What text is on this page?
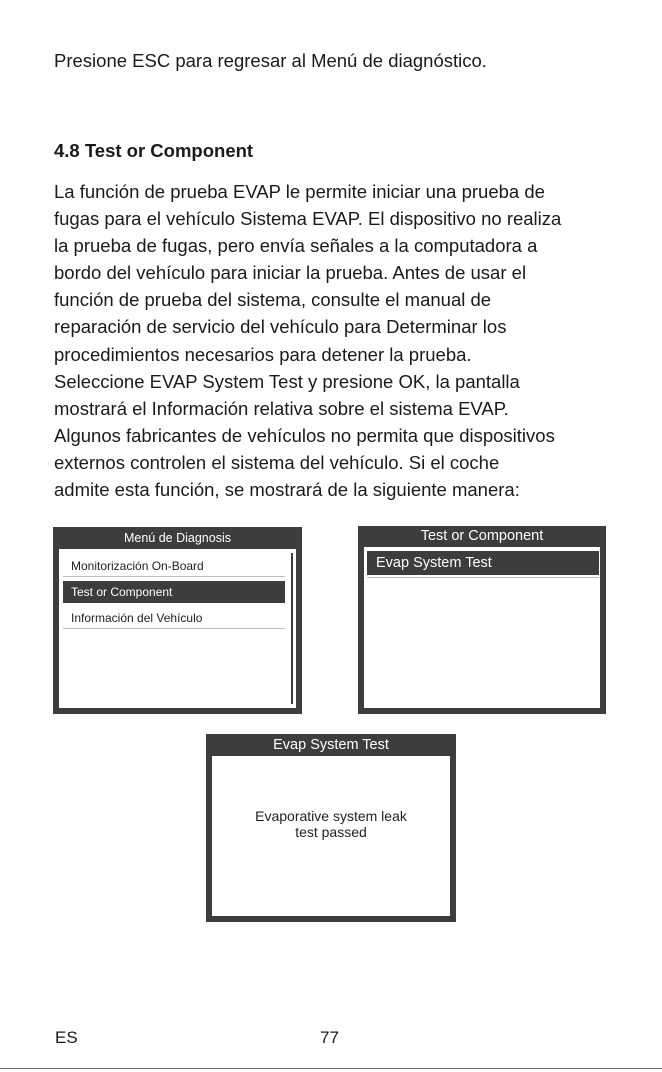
Presione ESC para regresar al Menú de diagnóstico.

4.8 Test or Component
La función de prueba EVAP le permite iniciar una prueba de
fugas para el vehículo Sistema EVAP. El dispositivo no realiza
la prueba de fugas, pero envía señales a la computadora a
bordo del vehículo para iniciar la prueba. Antes de usar el
función de prueba del sistema, consulte el manual de
reparación de servicio del vehículo para Determinar los
procedimientos necesarios para detener la prueba.
Seleccione EVAP System Test y presione OK, la pantalla
mostrará el Información relativa sobre el sistema EVAP.
Algunos fabricantes de vehículos no permita que dispositivos
externos controlen el sistema del vehículo. Si el coche
admite esta función, se mostrará de la siguiente manera:
Menú de Diagnosis
Monitorización On-Board
Test or Component
Información del Vehículo
Test or Component
Evap System Test
Evap System Test
Evaporative system leak
test passed
ES	77
